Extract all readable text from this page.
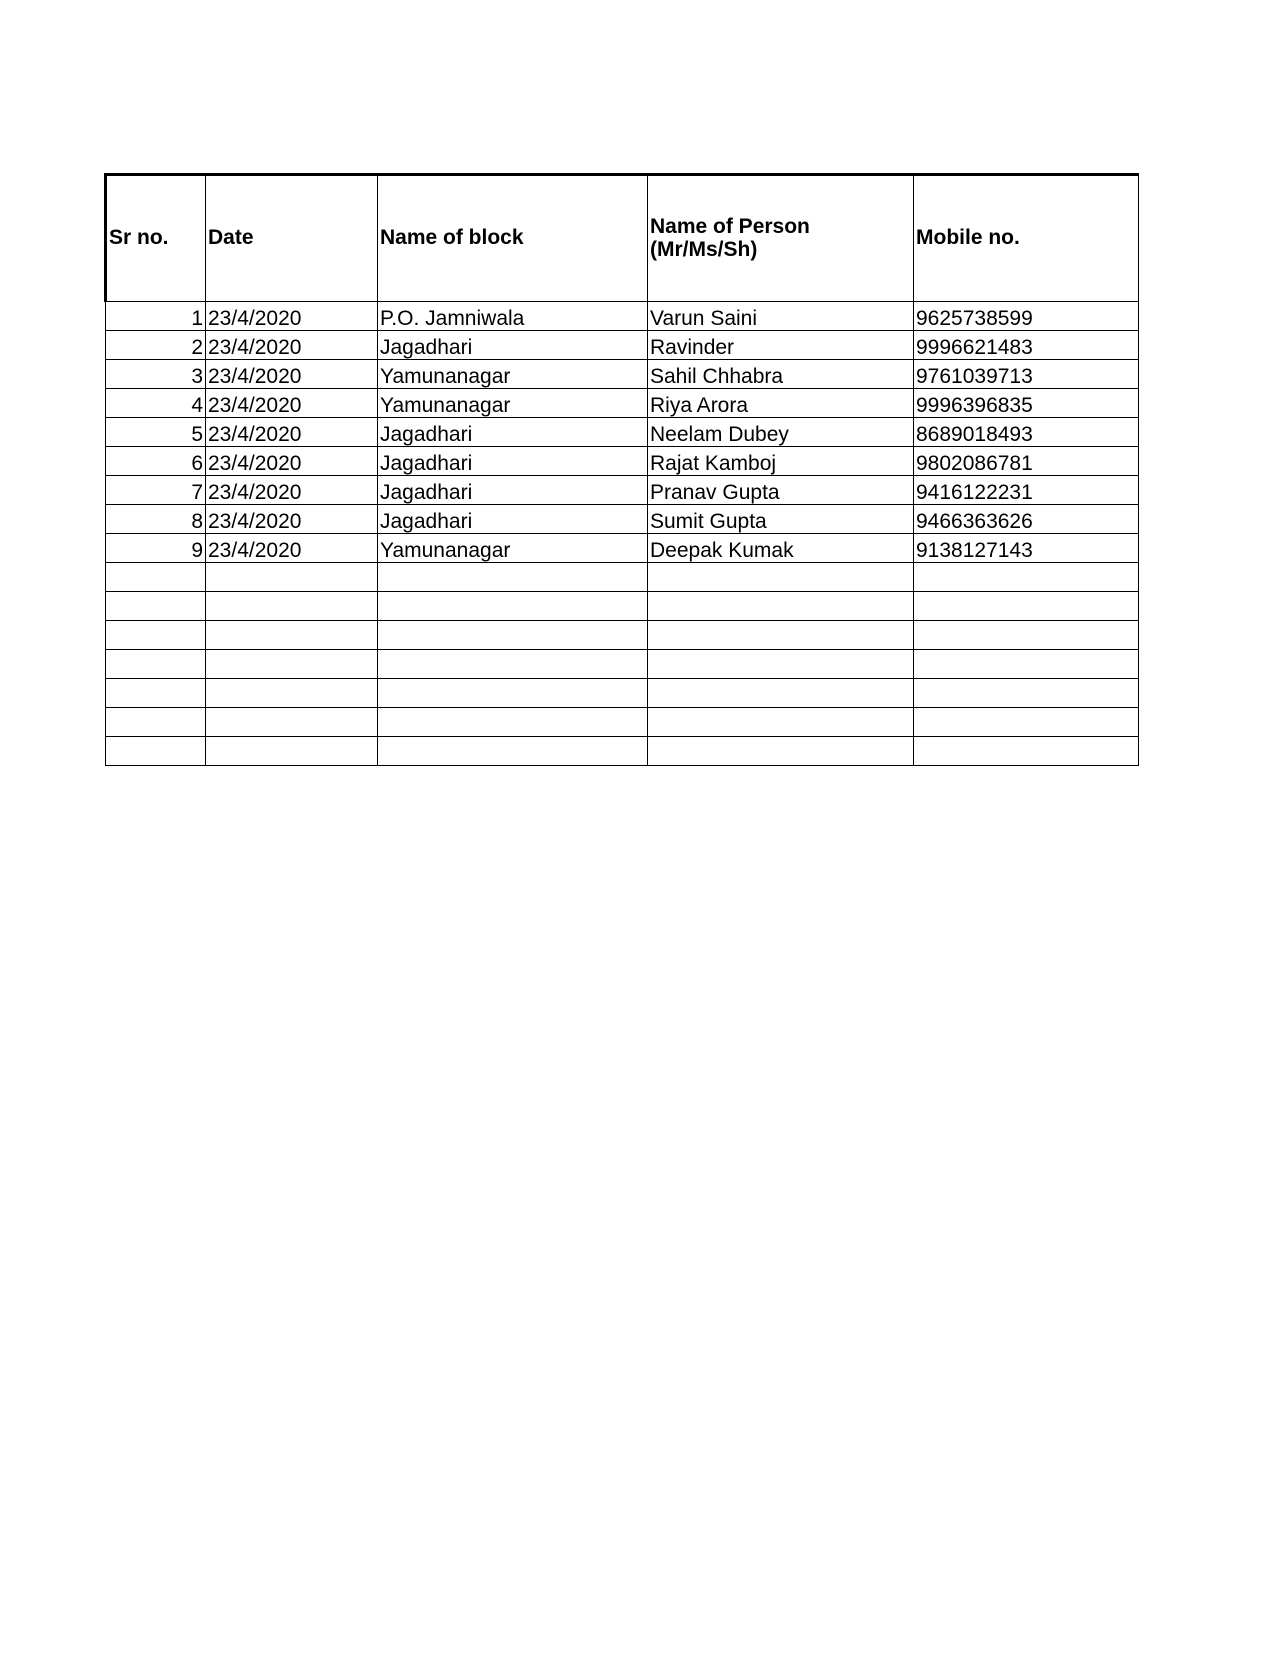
Sr no.	Date	Name of block	Name of Person (Mr/Ms/Sh)	Mobile no.
1	23/4/2020	P.O. Jamniwala	Varun Saini	9625738599
2	23/4/2020	Jagadhari	Ravinder	9996621483
3	23/4/2020	Yamunanagar	Sahil Chhabra	9761039713
4	23/4/2020	Yamunanagar	Riya Arora	9996396835
5	23/4/2020	Jagadhari	Neelam Dubey	8689018493
6	23/4/2020	Jagadhari	Rajat Kamboj	9802086781
7	23/4/2020	Jagadhari	Pranav Gupta	9416122231
8	23/4/2020	Jagadhari	Sumit Gupta	9466363626
9	23/4/2020	Yamunanagar	Deepak Kumak	9138127143
